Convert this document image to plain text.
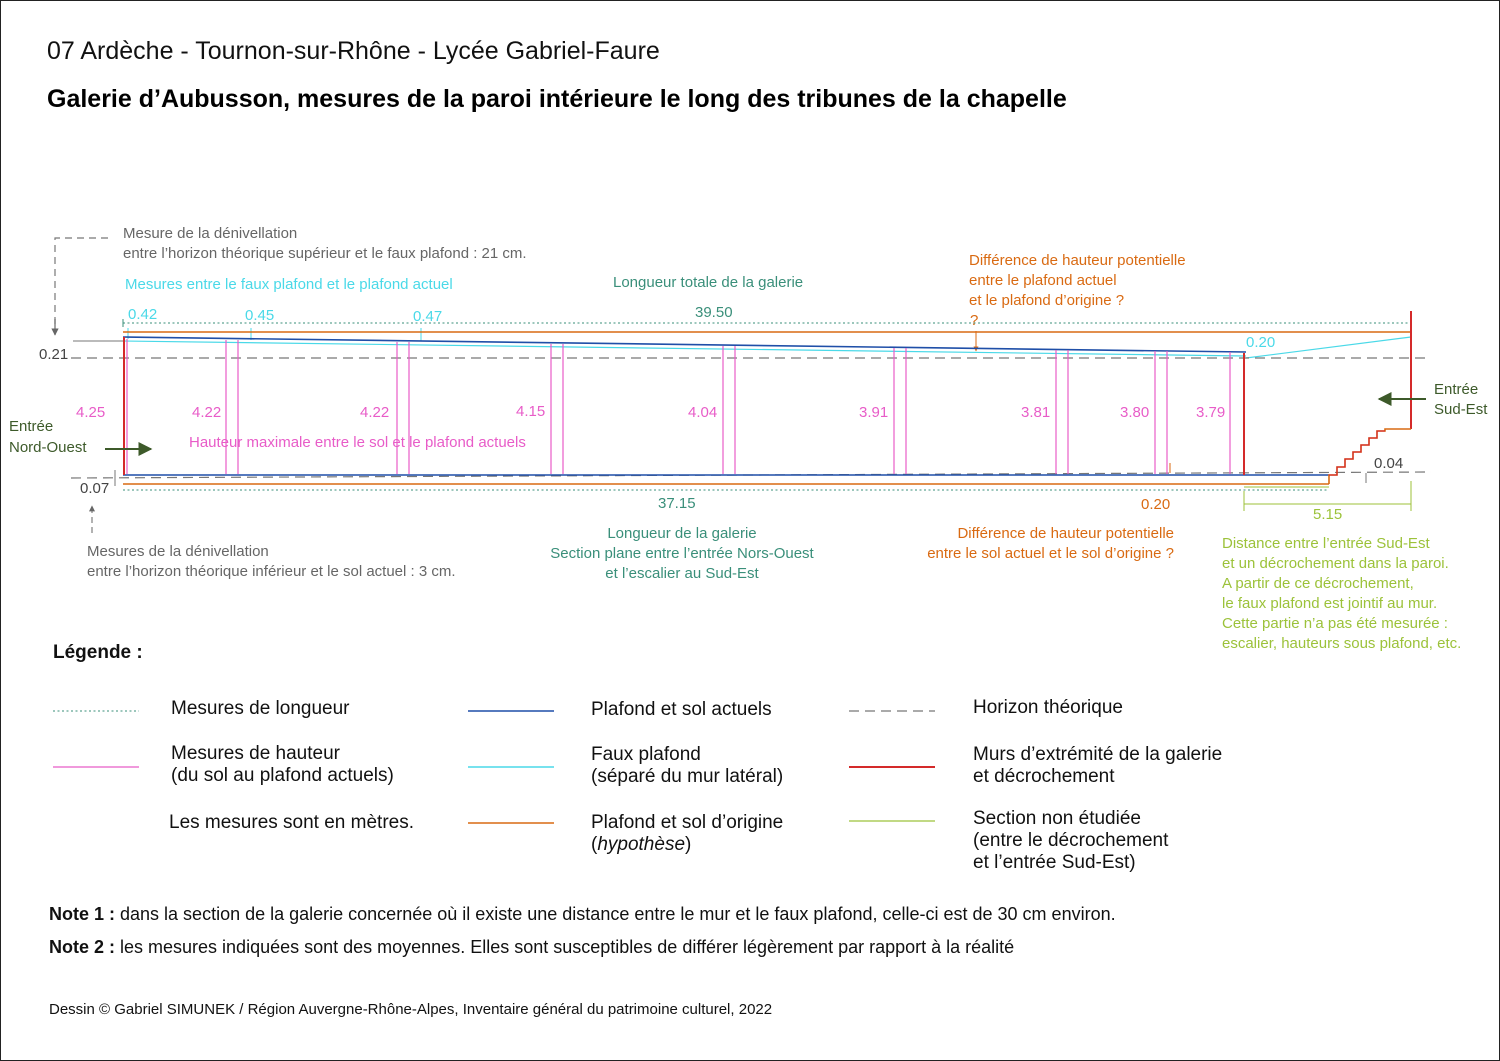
07 Ardèche - Tournon-sur-Rhône - Lycée Gabriel-Faure
Galerie d’Aubusson, mesures de la paroi intérieure le long des tribunes de la chapelle
Mesure de la dénivellation
entre l’horizon théorique supérieur et le faux plafond : 21 cm.
Mesures entre le faux plafond et le plafond actuel	Longueur totale de la galerie
Différence de hauteur potentielle
entre le plafond actuel
et le plafond d’origine ?
?
39.50
0.42	0.45	0.47
0.20
0.21
0.07
0.04
4.25	4.22	4.22	4.15	4.04	3.91	3.81	3.80	3.79
Hauteur maximale entre le sol et le plafond actuels
Entrée
Nord-Ouest
Entrée
Sud-Est
37.15	0.20
5.15
Mesures de la dénivellation
entre l’horizon théorique inférieur et le sol actuel : 3 cm.
Longueur de la galerie
Section plane entre l’entrée Nors-Ouest
et l’escalier au Sud-Est
Différence de hauteur potentielle
entre le sol actuel et le sol d’origine ?
Distance entre l’entrée Sud-Est
et un décrochement dans la paroi.
A partir de ce décrochement,
le faux plafond est jointif au mur.
Cette partie n’a pas été mesurée :
escalier, hauteurs sous plafond, etc.
Légende :
Mesures de longueur
Mesures de hauteur
(du sol au plafond actuels)
Les mesures sont en mètres.
Plafond et sol actuels
Faux plafond
(séparé du mur latéral)
Plafond et sol d’origine
(hypothèse)
Horizon théorique
Murs d’extrémité de la galerie
et décrochement
Section non étudiée
(entre le décrochement
et l’entrée Sud-Est)
Note 1 : dans la section de la galerie concernée où il existe une distance entre le mur et le faux plafond, celle-ci est de 30 cm environ.
Note 2 : les mesures indiquées sont des moyennes. Elles sont susceptibles de différer légèrement par rapport à la réalité
Dessin © Gabriel SIMUNEK / Région Auvergne-Rhône-Alpes, Inventaire général du patrimoine culturel, 2022
